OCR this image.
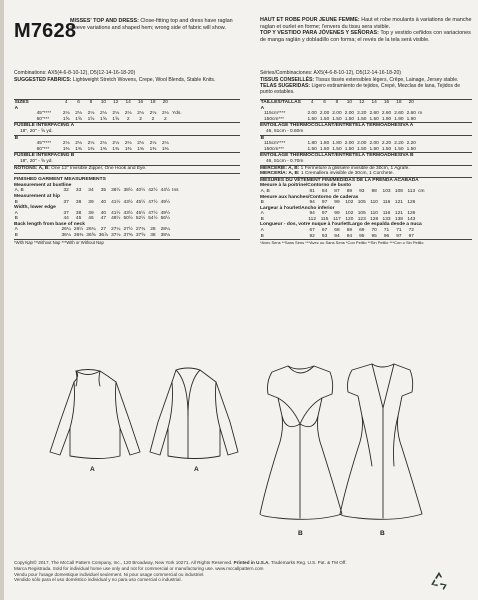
M7628
MISSES' TOP AND DRESS: Close-fitting top and dress have raglan sleeve variations and shaped hem; wrong side of fabric will show.
HAUT ET ROBE POUR JEUNE FEMME: Haut et robe moulants à variations de manche raglan et ourlet en forme; l'envers du tissu sera visible.
TOP Y VESTIDO PARA JÓVENES Y SEÑORAS: Top y vestido ceñidos con variaciones de manga raglán y dobladillo con forma; el revés de la tela será visible.
Combinations: AX5(4-6-8-10-12), D5(12-14-16-18-20)
SUGGESTED FABRICS: Lightweight Stretch Wovens, Crepe, Wool Blends, Stable Knits.
Séries/Combinaciones: AX5(4-6-8-10-12), D5(12-14-16-18-20)
TISSUS CONSEILLÉS: Tissus tissés extensibles légers, Crêpe, Lainage, Jersey stable.
TELAS SUGERIDAS: Ligero estiramiento de tejidos, Crepé, Mezclas de lana, Tejidos de punto estables.
SIZES		4	6	8	10	12	14	16	18	20	
A											
	45"****	2⅛	2⅛	2⅛	2⅛	2⅛	2⅛	2⅛	2⅛	2⅛	Yds.
	60"***	1⅝	1⅝	1⅝	1⅝	1⅝	2	2	2	2	
FUSIBLE INTERFACING A
18", 20" - ⅝ yd.
B										
	45"****	2⅛	2⅛	2⅛	2⅛	2⅛	2⅛	2⅛	2⅛	2⅛
	60"***	1⅜	1⅜	1⅜	1⅜	1⅜	1⅜	1⅜	1⅜	1⅜
FUSIBLE INTERFACING B
18", 20" - ⅝ yd.
NOTIONS: A, B: One 12" Invisible Zipper, One Hook and Eye.
FINISHED GARMENT MEASUREMENTS
Measurement at bustline
A, B		32	33	34	35	36½	38½	40½	42½	44½	Ins
Measurement at hip
B		37	38	39	40	41½	43½	45½	47½	49½
Width, lower edge
A		37	38	39	40	41½	43½	45½	47½	49½
B		44	45	46	47	48½	50½	52½	54½	56½
Back length from base of neck
A		26¼	26½	26¾	27	27¼	27½	27¾	28	28¼
B		36⅛	36⅜	36⅝	36⅞	37⅛	37⅜	37⅝	38	38⅛
*With Nap **Without Nap ***With or Without Nap
TAILLES/TALLAS	4	6	8	10	12	14	16	18	20	
A										
115cm****	2.00	2.00	2.00	2.00	2.20	2.60	2.60	2.60	2.60	m
150cm***	1.50	1.50	1.50	1.50	1.50	1.50	1.90	1.90	1.90	
ENTOILAGE THERMOCOLLANT/ENTRETELA TERMOADHESIVA A
46, 51cm - 0.60m
B									
115cm****	1.80	1.80	1.80	2.00	2.00	2.00	2.20	2.20	2.20
150cm***	1.50	1.50	1.50	1.50	1.50	1.50	1.50	1.50	1.50
ENTOILAGE THERMOCOLLANT/ENTRETELA TERMOADHESIVA B
46, 51cm - 0.70m
MERCERIE: A, B: 1 Fermeture à glissière invisible de 30cm, 1 Agrafe.
MERCERÍA: A, B: 1 Cremallera invisible de 30cm, 1 Corchete.
MESURES DU VÊTEMENT FINI/MEDIDAS DE LA PRENDA ACABADA
Mesure à la poitrine/Contorno de busto
A, B	81	84	87	89	93	98	103	108	113	cm
Mesure aux hanches/Contorno de caderas
B	94	97	99	102	105	110	116	121	126
Largeur à l'ourlet/Ancho inferior
A	94	97	99	102	105	110	116	121	126
B	112	115	117	120	123	128	133	138	143
Longueur - dos, votre nuque à l'ourlet/Largo de espalda desde a nuca
A	67	67	68	69	69	70	71	71	72
B	92	93	94	94	95	95	96	97	97
*Avec Sens **Sans Sens ***Avec ou Sans Sens *Con Pelillo **Sin Pelillo ***Con o Sin Pelillo
A	A
B	B
Copyright© 2017, The McCall Pattern Company, Inc., 120 Broadway, New York 10271. All Rights Reserved. Printed in U.S.A. Trademarks Reg. U.S. Pat. & TM Off.
Marca Registrada. Sold for individual home use only and not for commercial or manufacturing use. www.mccallpattern.com
Vendu pour l'usage domestique individuel seulement. Ni pour usage commercial ou industriel.
Vendido sólo para el uso doméstico individual y no para uso comercial o industrial.
